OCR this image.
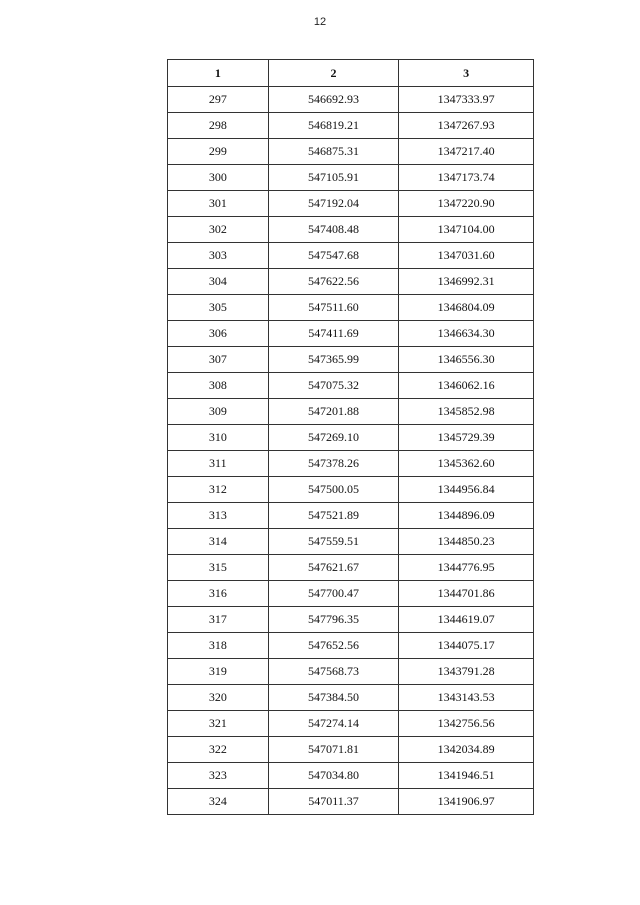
12
1	2	3
297	546692.93	1347333.97
298	546819.21	1347267.93
299	546875.31	1347217.40
300	547105.91	1347173.74
301	547192.04	1347220.90
302	547408.48	1347104.00
303	547547.68	1347031.60
304	547622.56	1346992.31
305	547511.60	1346804.09
306	547411.69	1346634.30
307	547365.99	1346556.30
308	547075.32	1346062.16
309	547201.88	1345852.98
310	547269.10	1345729.39
311	547378.26	1345362.60
312	547500.05	1344956.84
313	547521.89	1344896.09
314	547559.51	1344850.23
315	547621.67	1344776.95
316	547700.47	1344701.86
317	547796.35	1344619.07
318	547652.56	1344075.17
319	547568.73	1343791.28
320	547384.50	1343143.53
321	547274.14	1342756.56
322	547071.81	1342034.89
323	547034.80	1341946.51
324	547011.37	1341906.97
